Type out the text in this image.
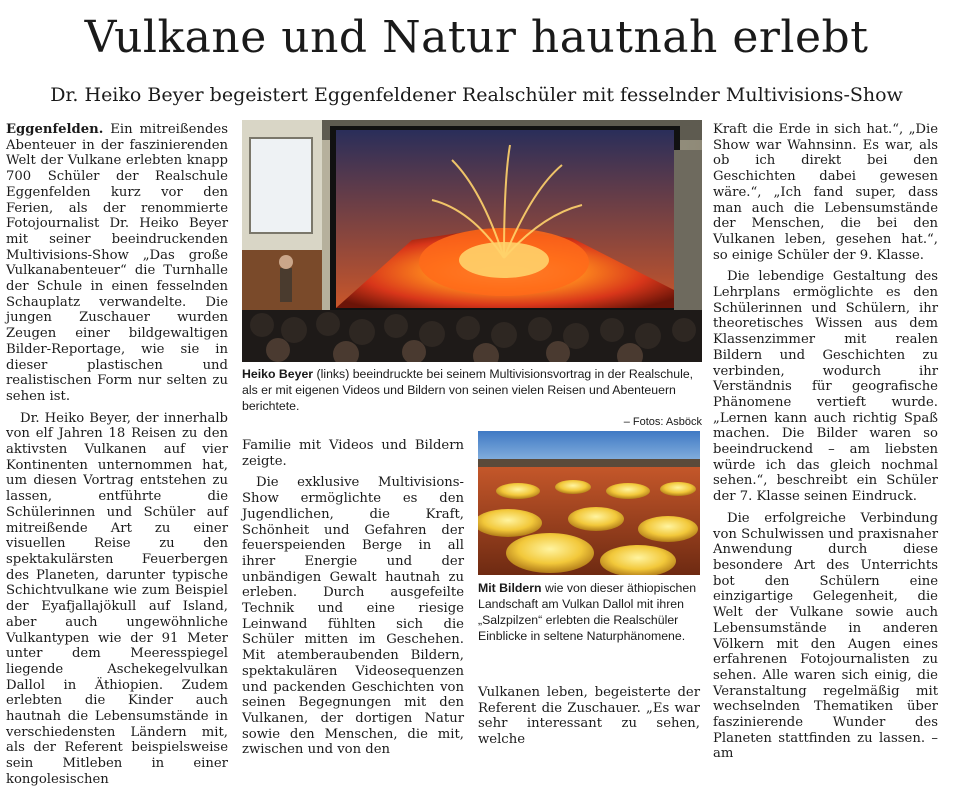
Vulkane und Natur hautnah erlebt
Dr. Heiko Beyer begeistert Eggenfeldener Realschüler mit fesselnder Multivisions-Show

Eggenfelden. Ein mitreißendes Abenteuer in der faszinierenden Welt der Vulkane erlebten knapp 700 Schüler der Realschule Eggenfelden kurz vor den Ferien, als der renommierte Fotojournalist Dr. Heiko Beyer mit seiner beeindruckenden Multivisions-Show „Das große Vulkanabenteuer“ die Turnhalle der Schule in einen fesselnden Schauplatz verwandelte. Die jungen Zuschauer wurden Zeugen einer bildgewaltigen Bilder-Reportage, wie sie in dieser plastischen und realistischen Form nur selten zu sehen ist.

Dr. Heiko Beyer, der innerhalb von elf Jahren 18 Reisen zu den aktivsten Vulkanen auf vier Kontinenten unternommen hat, um diesen Vortrag entstehen zu lassen, entführte die Schülerinnen und Schüler auf mitreißende Art zu einer visuellen Reise zu den spektakulärsten Feuerbergen des Planeten, darunter typische Schichtvulkane wie zum Beispiel der Eyafjallajökull auf Island, aber auch ungewöhnliche Vulkantypen wie der 91 Meter unter dem Meeresspiegel liegende Aschekegelvulkan Dallol in Äthiopien. Zudem erlebten die Kinder auch hautnah die Lebensumstände in verschiedensten Ländern mit, als der Referent beispielsweise sein Mitleben in einer kongolesischen

Heiko Beyer (links) beeindruckte bei seinem Multivisionsvortrag in der Realschule, als er mit eigenen Videos und Bildern von seinen vielen Reisen und Abenteuern berichtete.
– Fotos: Asböck

Familie mit Videos und Bildern zeigte.

Die exklusive Multivisions-Show ermöglichte es den Jugendlichen, die Kraft, Schönheit und Gefahren der feuerspeienden Berge in all ihrer Energie und der unbändigen Gewalt hautnah zu erleben. Durch ausgefeilte Technik und eine riesige Leinwand fühlten sich die Schüler mitten im Geschehen. Mit atemberaubenden Bildern, spektakulären Videosequenzen und packenden Geschichten von seinen Begegnungen mit den Vulkanen, der dortigen Natur sowie den Menschen, die mit, zwischen und von den

Mit Bildern wie von dieser äthiopischen Landschaft am Vulkan Dallol mit ihren „Salzpilzen“ erlebten die Realschüler Einblicke in seltene Naturphänomene.

Vulkanen leben, begeisterte der Referent die Zuschauer. „Es war sehr interessant zu sehen, welche

Kraft die Erde in sich hat.“, „Die Show war Wahnsinn. Es war, als ob ich direkt bei den Geschichten dabei gewesen wäre.“, „Ich fand super, dass man auch die Lebensumstände der Menschen, die bei den Vulkanen leben, gesehen hat.“, so einige Schüler der 9. Klasse.

Die lebendige Gestaltung des Lehrplans ermöglichte es den Schülerinnen und Schülern, ihr theoretisches Wissen aus dem Klassenzimmer mit realen Bildern und Geschichten zu verbinden, wodurch ihr Verständnis für geografische Phänomene vertieft wurde. „Lernen kann auch richtig Spaß machen. Die Bilder waren so beeindruckend – am liebsten würde ich das gleich nochmal sehen.“, beschreibt ein Schüler der 7. Klasse seinen Eindruck.

Die erfolgreiche Verbindung von Schulwissen und praxisnaher Anwendung durch diese besondere Art des Unterrichts bot den Schülern eine einzigartige Gelegenheit, die Welt der Vulkane sowie auch Lebensumstände in anderen Völkern mit den Augen eines erfahrenen Fotojournalisten zu sehen. Alle waren sich einig, die Veranstaltung regelmäßig mit wechselnden Thematiken über faszinierende Wunder des Planeten stattfinden zu lassen. – am
